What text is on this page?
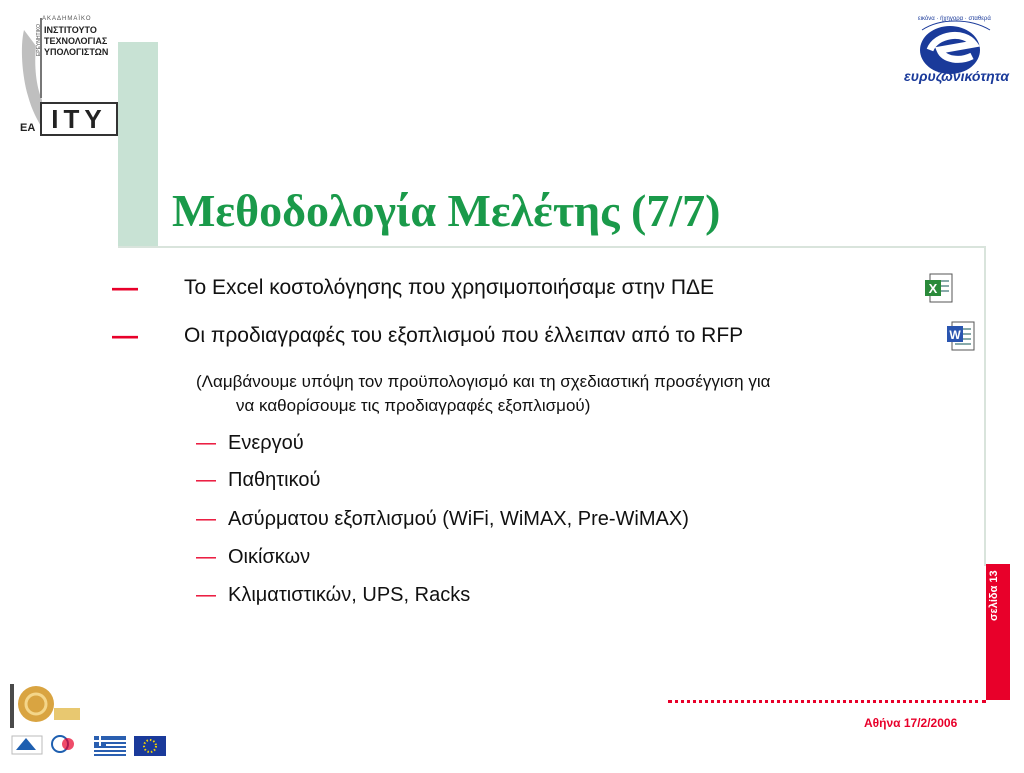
ΑΚΑΔΗΜΑΪΚΟ
ΕΡΕΥΝΗΤΙΚΟ ΙΝΣΤΙΤΟΥΤΟ
ΤΕΧΝΟΛΟΓΙΑΣ
ΥΠΟΛΟΓΙΣΤΩΝ
ΕΑ ITY
εικόνα · ήχηγορα · σταθερά
ευρυζωνικότητα
Μεθοδολογία Μελέτης (7/7)
— Το Excel κοστολόγησης που χρησιμοποιήσαμε στην ΠΔΕ	X
— Οι προδιαγραφές του εξοπλισμού που έλλειπαν από το RFP	W
(Λαμβάνουμε υπόψη τον προϋπολογισμό και τη σχεδιαστική προσέγγιση για
να καθορίσουμε τις προδιαγραφές εξοπλισμού)
— Ενεργού
— Παθητικού
— Ασύρματου εξοπλισμού (WiFi, WiMAX, Pre-WiMAX)
— Οικίσκων
— Κλιματιστικών, UPS, Racks	σελίδα 13
Αθήνα 17/2/2006
